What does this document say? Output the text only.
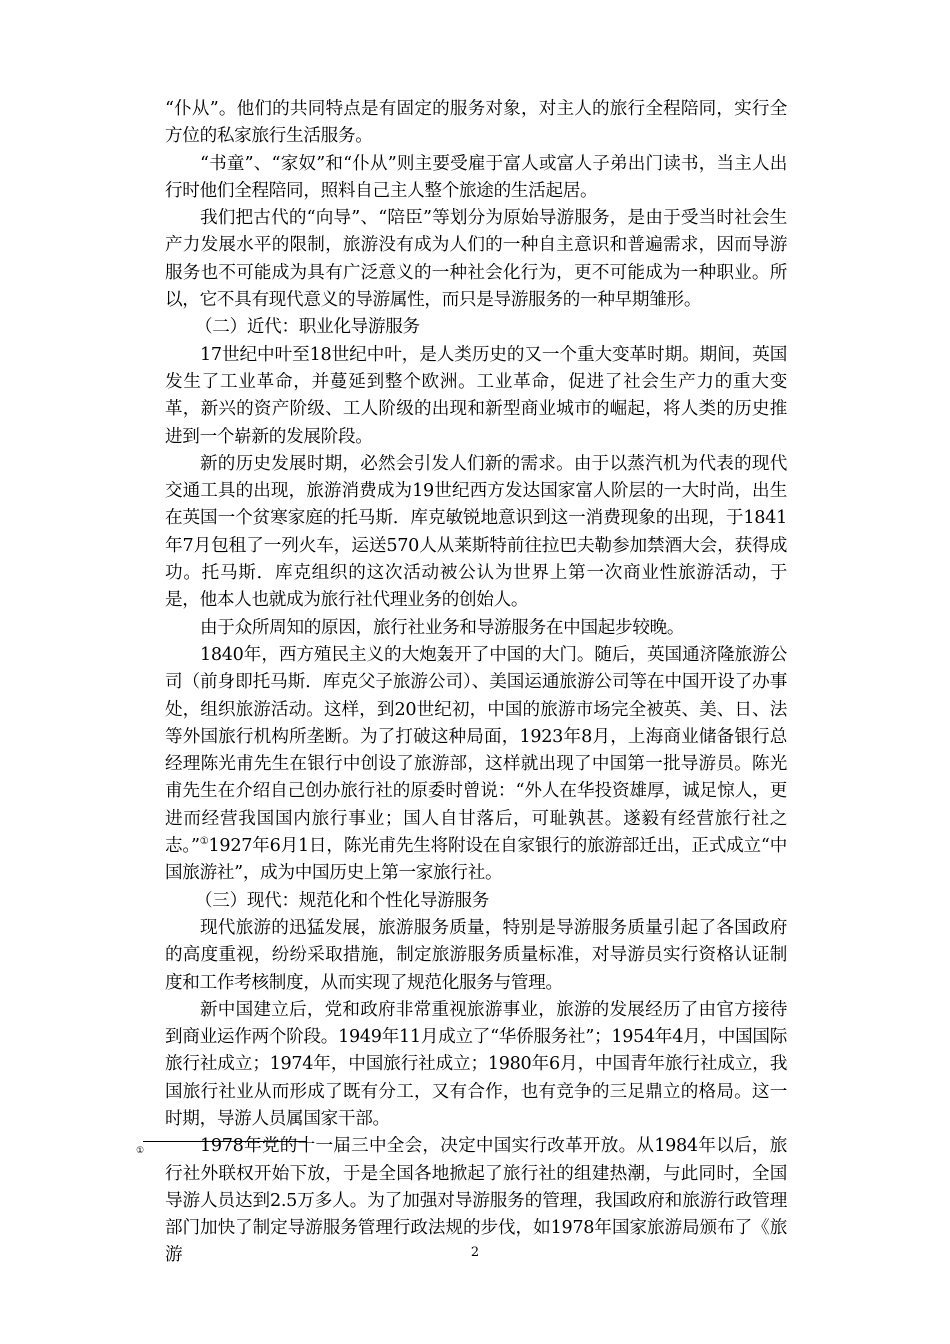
“仆从”。他们的共同特点是有固定的服务对象，对主人的旅行全程陪同，实行全方位的私家旅行生活服务。

“书童”、“家奴”和“仆从”则主要受雇于富人或富人子弟出门读书，当主人出行时他们全程陪同，照料自己主人整个旅途的生活起居。

我们把古代的“向导”、“陪臣”等划分为原始导游服务，是由于受当时社会生产力发展水平的限制，旅游没有成为人们的一种自主意识和普遍需求，因而导游服务也不可能成为具有广泛意义的一种社会化行为，更不可能成为一种职业。所以，它不具有现代意义的导游属性，而只是导游服务的一种早期雏形。

（二）近代：职业化导游服务

17世纪中叶至18世纪中叶，是人类历史的又一个重大变革时期。期间，英国发生了工业革命，并蔓延到整个欧洲。工业革命，促进了社会生产力的重大变革，新兴的资产阶级、工人阶级的出现和新型商业城市的崛起，将人类的历史推进到一个崭新的发展阶段。

新的历史发展时期，必然会引发人们新的需求。由于以蒸汽机为代表的现代交通工具的出现，旅游消费成为19世纪西方发达国家富人阶层的一大时尚，出生在英国一个贫寒家庭的托马斯．库克敏锐地意识到这一消费现象的出现，于1841年7月包租了一列火车，运送570人从莱斯特前往拉巴夫勒参加禁酒大会，获得成功。托马斯．库克组织的这次活动被公认为世界上第一次商业性旅游活动，于是，他本人也就成为旅行社代理业务的创始人。

由于众所周知的原因，旅行社业务和导游服务在中国起步较晚。

1840年，西方殖民主义的大炮轰开了中国的大门。随后，英国通济隆旅游公司（前身即托马斯．库克父子旅游公司）、美国运通旅游公司等在中国开设了办事处，组织旅游活动。这样，到20世纪初，中国的旅游市场完全被英、美、日、法等外国旅行机构所垄断。为了打破这种局面，1923年8月，上海商业储备银行总经理陈光甫先生在银行中创设了旅游部，这样就出现了中国第一批导游员。陈光甫先生在介绍自己创办旅行社的原委时曾说：“外人在华投资雄厚，诚足惊人，更进而经营我国国内旅行事业；国人自甘落后，可耻孰甚。遂毅有经营旅行社之志。”①1927年6月1日，陈光甫先生将附设在自家银行的旅游部迁出，正式成立“中国旅游社”，成为中国历史上第一家旅行社。

（三）现代：规范化和个性化导游服务

现代旅游的迅猛发展，旅游服务质量，特别是导游服务质量引起了各国政府的高度重视，纷纷采取措施，制定旅游服务质量标准，对导游员实行资格认证制度和工作考核制度，从而实现了规范化服务与管理。

新中国建立后，党和政府非常重视旅游事业，旅游的发展经历了由官方接待到商业运作两个阶段。1949年11月成立了“华侨服务社”；1954年4月，中国国际旅行社成立；1974年，中国旅行社成立；1980年6月，中国青年旅行社成立，我国旅行社业从而形成了既有分工，又有合作，也有竞争的三足鼎立的格局。这一时期，导游人员属国家干部。

1978年党的十一届三中全会，决定中国实行改革开放。从1984年以后，旅行社外联权开始下放，于是全国各地掀起了旅行社的组建热潮，与此同时，全国导游人员达到2.5万多人。为了加强对导游服务的管理，我国政府和旅游行政管理部门加快了制定导游服务管理行政法规的步伐，如1978年国家旅游局颁布了《旅游

①
2
